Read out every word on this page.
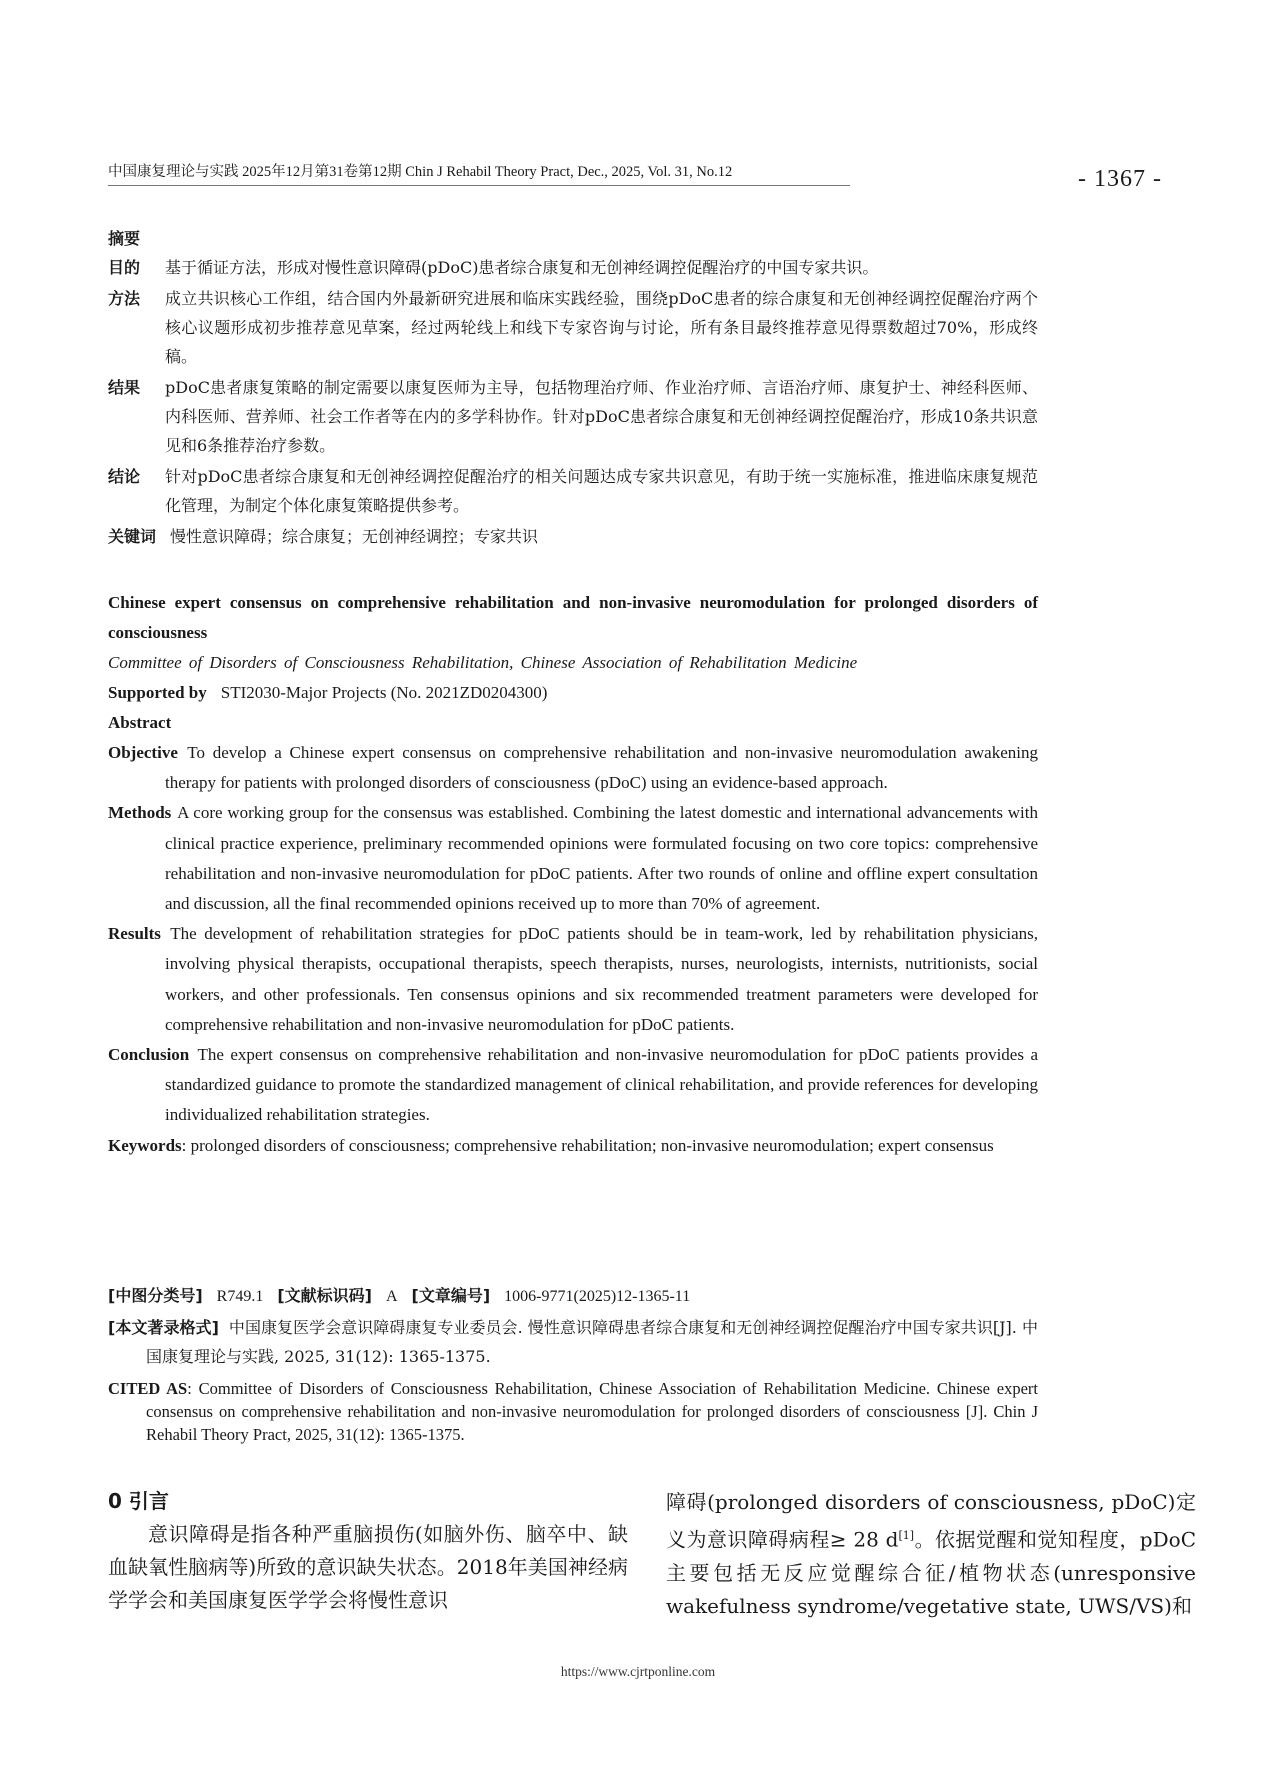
中国康复理论与实践 2025年12月第31卷第12期 Chin J Rehabil Theory Pract, Dec., 2025, Vol. 31, No.12	- 1367 -
摘要
目的	基于循证方法，形成对慢性意识障碍(pDoC)患者综合康复和无创神经调控促醒治疗的中国专家共识。
方法	成立共识核心工作组，结合国内外最新研究进展和临床实践经验，围绕pDoC患者的综合康复和无创神经调控促醒治疗两个核心议题形成初步推荐意见草案，经过两轮线上和线下专家咨询与讨论，所有条目最终推荐意见得票数超过70%，形成终稿。
结果	pDoC患者康复策略的制定需要以康复医师为主导，包括物理治疗师、作业治疗师、言语治疗师、康复护士、神经科医师、内科医师、营养师、社会工作者等在内的多学科协作。针对pDoC患者综合康复和无创神经调控促醒治疗，形成10条共识意见和6条推荐治疗参数。
结论	针对pDoC患者综合康复和无创神经调控促醒治疗的相关问题达成专家共识意见，有助于统一实施标准，推进临床康复规范化管理，为制定个体化康复策略提供参考。
关键词 慢性意识障碍；综合康复；无创神经调控；专家共识
Chinese expert consensus on comprehensive rehabilitation and non-invasive neuromodulation for prolonged disorders of consciousness
Committee of Disorders of Consciousness Rehabilitation, Chinese Association of Rehabilitation Medicine
Supported by STI2030-Major Projects (No. 2021ZD0204300)
Abstract
Objective To develop a Chinese expert consensus on comprehensive rehabilitation and non-invasive neuromodulation awakening therapy for patients with prolonged disorders of consciousness (pDoC) using an evidence-based approach.
Methods A core working group for the consensus was established. Combining the latest domestic and international advancements with clinical practice experience, preliminary recommended opinions were formulated focusing on two core topics: comprehensive rehabilitation and non-invasive neuromodulation for pDoC patients. After two rounds of online and offline expert consultation and discussion, all the final recommended opinions received up to more than 70% of agreement.
Results The development of rehabilitation strategies for pDoC patients should be in team-work, led by rehabilitation physicians, involving physical therapists, occupational therapists, speech therapists, nurses, neurologists, internists, nutritionists, social workers, and other professionals. Ten consensus opinions and six recommended treatment parameters were developed for comprehensive rehabilitation and non-invasive neuromodulation for pDoC patients.
Conclusion The expert consensus on comprehensive rehabilitation and non-invasive neuromodulation for pDoC patients provides a standardized guidance to promote the standardized management of clinical rehabilitation, and provide references for developing individualized rehabilitation strategies.
Keywords: prolonged disorders of consciousness; comprehensive rehabilitation; non-invasive neuromodulation; expert consensus
[中图分类号] R749.1 [文献标识码] A [文章编号] 1006-9771(2025)12-1365-11
[本文著录格式] 中国康复医学会意识障碍康复专业委员会. 慢性意识障碍患者综合康复和无创神经调控促醒治疗中国专家共识[J]. 中国康复理论与实践, 2025, 31(12): 1365-1375.
CITED AS: Committee of Disorders of Consciousness Rehabilitation, Chinese Association of Rehabilitation Medicine. Chinese expert consensus on comprehensive rehabilitation and non-invasive neuromodulation for prolonged disorders of consciousness [J]. Chin J Rehabil Theory Pract, 2025, 31(12): 1365-1375.
0 引言
意识障碍是指各种严重脑损伤(如脑外伤、脑卒中、缺血缺氧性脑病等)所致的意识缺失状态。2018年美国神经病学学会和美国康复医学学会将慢性意识
障碍(prolonged disorders of consciousness, pDoC)定义为意识障碍病程≥ 28 d[1]。依据觉醒和觉知程度，pDoC主要包括无反应觉醒综合征/植物状态(unresponsive wakefulness syndrome/vegetative state, UWS/VS)和
https://www.cjrtponline.com
